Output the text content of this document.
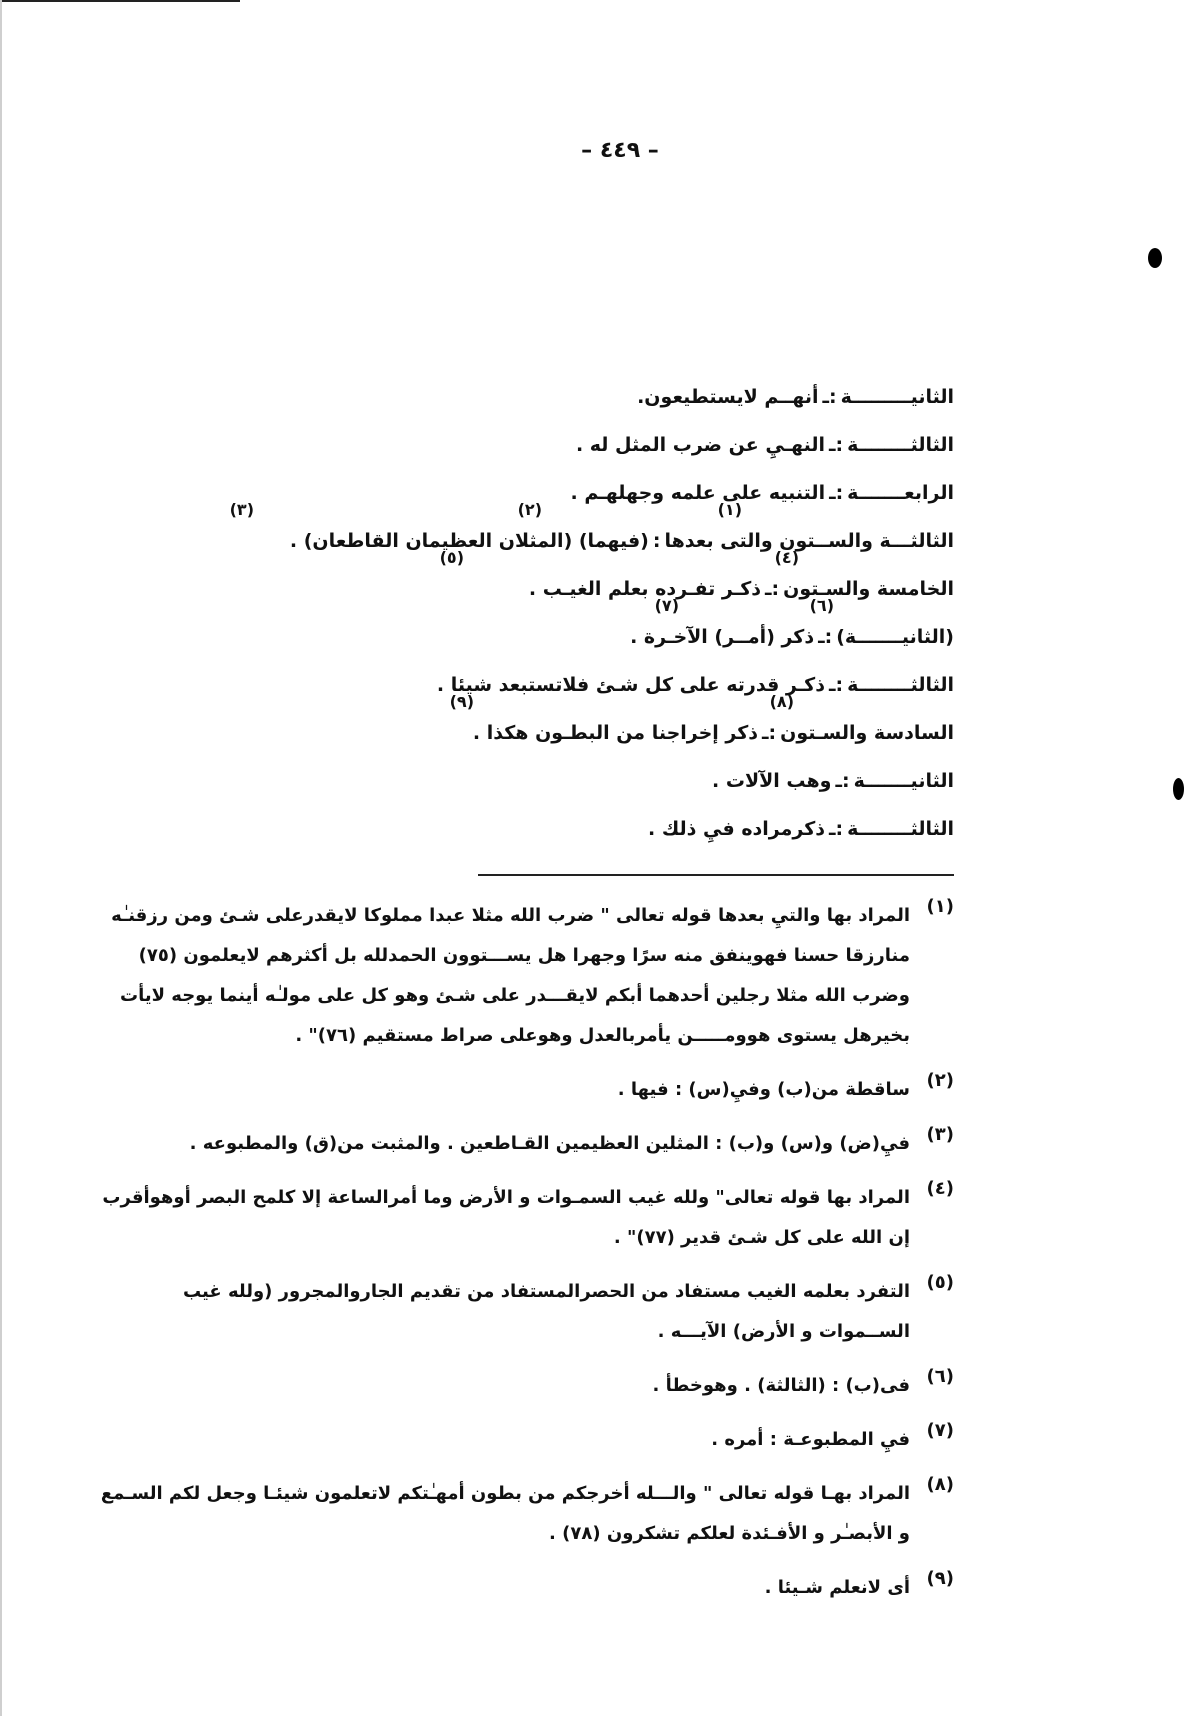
– ٤٤٩ –
الثانيـــــــــة
:ـ
أنهــم لايستطيعون.
الثالثــــــــة
:ـ
النهـيِ عن ضرب المثل له .
الرابعـــــــة
:ـ
التنبيه على علمه وجهلهـم .
(١)
(٢)
(٣)
الثالثـــة والســتون والتى بعدها
:
(فيهما) (المثلان العظيمان القاطعان) .
(٤)
(٥)
الخامسة والسـتون
:ـ
ذكـر تفـرده بعلم الغيـب .
(٦)
(٧)
(الثانيـــــــة)
:ـ
ذكر (أمــر) الآخـرة .
الثالثــــــــة
:ـ
ذكـر قدرته على كل شـئ فلاتستبعد شيئا .
(٨)
(٩)
السادسة والسـتون
:ـ
ذكر إخراجنا من البطـون هكذا .
الثانيـــــــة
:ـ
وهب الآلات .
الثالثــــــــة
:ـ
ذكرمراده فيِ ذلك .
(١)
المراد بها والتيِ بعدها قوله تعالى " ضرب الله مثلا عبدا مملوكا لايقدرعلى شـئ ومن رزقنـٰه منارزقا حسنا فهوينفق منه سرًا وجهرا هل يســـتوون الحمدلله بل أكثرهم لايعلمون (٧٥) وضرب الله مثلا رجلين أحدهما أبكم لايقـــدر على شـئ وهو كل على مولـٰه أينما يوجه لايأت بخيرهل يستوى هوومـــــن يأمربالعدل وهوعلى صراط مستقيم (٧٦)" .
(٢)
ساقطة من(ب) وفيِ(س) : فيها .
(٣)
فيِ(ض) و(س) و(ب) : المثلين العظيمين القـاطعين . والمثبت من(ق) والمطبوعه .
(٤)
المراد بها قوله تعالى" ولله غيب السمـوات و الأرض وما أمرالساعة إلا كلمح البصر أوهوأقرب إن الله على كل شـئ قدير (٧٧)" .
(٥)
التفرد بعلمه الغيب مستفاد من الحصرالمستفاد من تقديم الجاروالمجرور (ولله غيب الســموات و الأرض) الآيـــه .
(٦)
فى(ب) : (الثالثة) . وهوخطأ .
(٧)
فيِ المطبوعـة : أمره .
(٨)
المراد بهـا قوله تعالى " والـــله أخرجكم من بطون أمهـٰتكم لاتعلمون شيئـا وجعل لكم السـمع و الأبصـٰر و الأفـئدة لعلكم تشكرون (٧٨) .
(٩)
أى لانعلم شـيئا .
